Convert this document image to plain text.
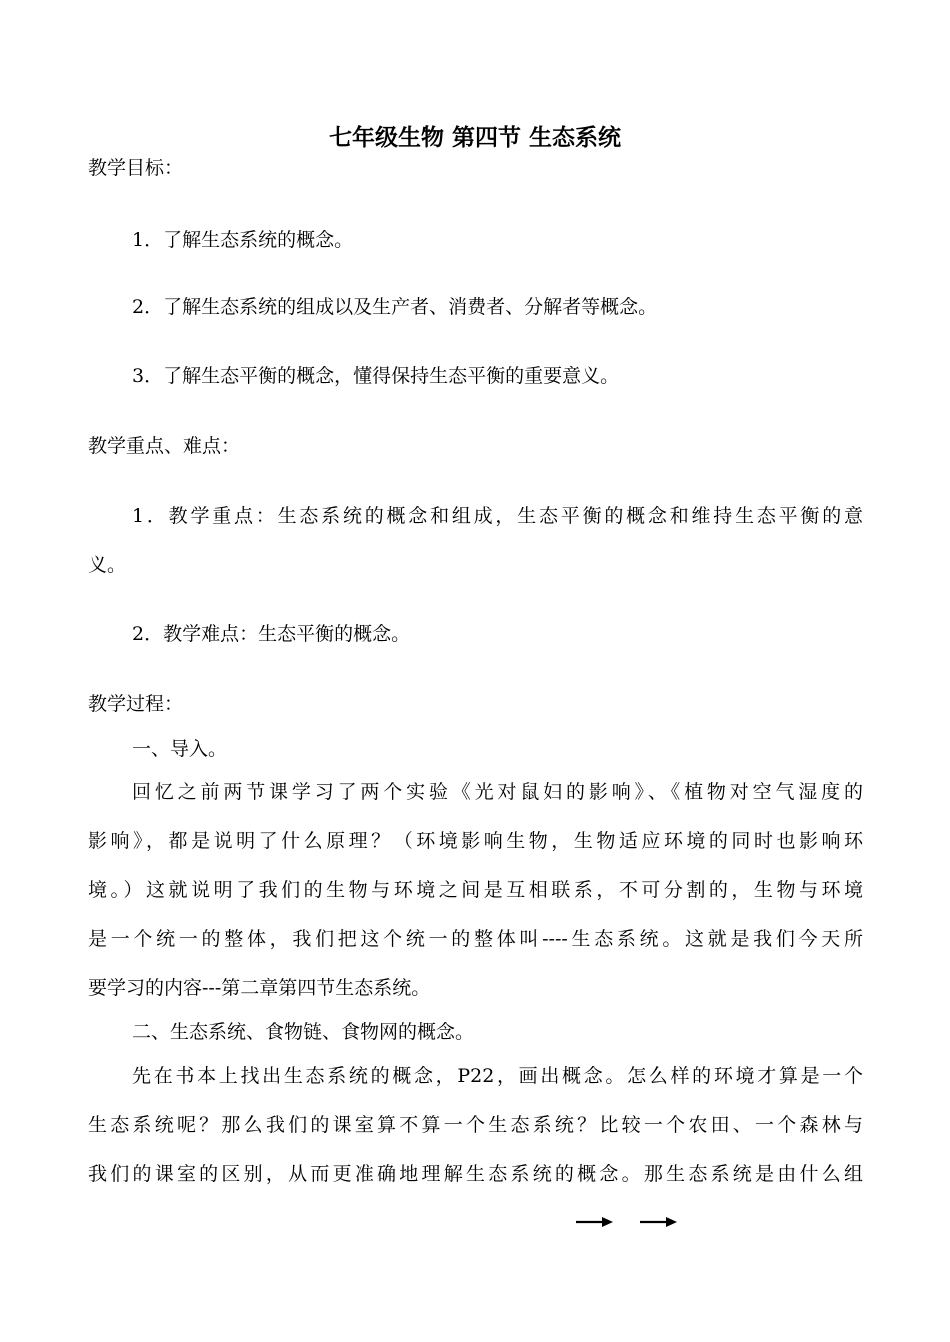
七年级生物 第四节 生态系统
教学目标：
1．了解生态系统的概念。
2．了解生态系统的组成以及生产者、消费者、分解者等概念。
3．了解生态平衡的概念，懂得保持生态平衡的重要意义。
教学重点、难点：
1．教学重点：生态系统的概念和组成，生态平衡的概念和维持生态平衡的意
义。
2．教学难点：生态平衡的概念。
教学过程：
一、导入。
回忆之前两节课学习了两个实验《光对鼠妇的影响》、《植物对空气湿度的
影响》，都是说明了什么原理？（环境影响生物，生物适应环境的同时也影响环
境。）这就说明了我们的生物与环境之间是互相联系，不可分割的，生物与环境
是一个统一的整体，我们把这个统一的整体叫----生态系统。这就是我们今天所
要学习的内容---第二章第四节生态系统。
二、生态系统、食物链、食物网的概念。
先在书本上找出生态系统的概念，P22，画出概念。怎么样的环境才算是一个
生态系统呢？那么我们的课室算不算一个生态系统？比较一个农田、一个森林与
我们的课室的区别，从而更准确地理解生态系统的概念。那生态系统是由什么组
